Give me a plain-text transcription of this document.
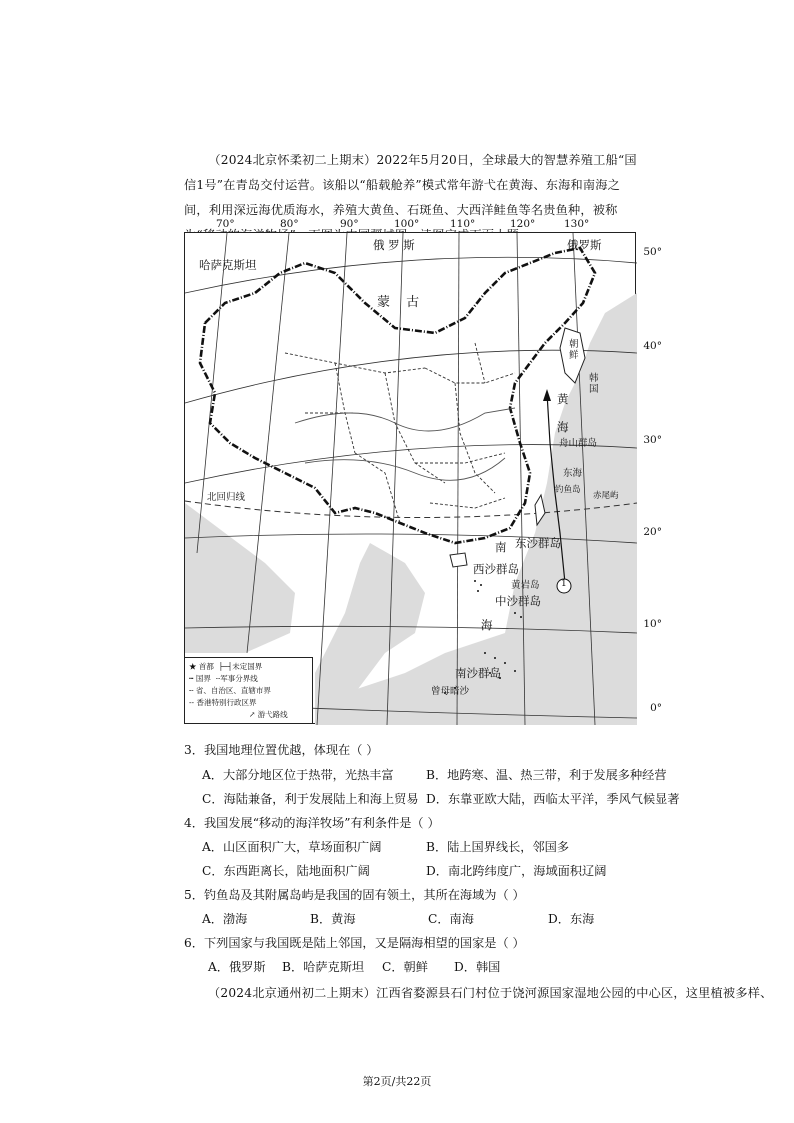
（2024北京怀柔初二上期末）2022年5月20日，全球最大的智慧养殖工船“国信1号”在青岛交付运营。该船以“船载舱养”模式常年游弋在黄海、东海和南海之间，利用深远海优质海水，养殖大黄鱼、石斑鱼、大西洋鲑鱼等名贵鱼种，被称

70°	80°	90°	100°	110°	120°	130°
50°
40°
30°
20°
10°
0°
哈萨克斯坦
俄 罗 斯	俄罗斯
蒙 古
朝鲜
韩国
黄海
舟山群岛
东海
钓鱼岛
赤尾屿
北回归线
南 东沙群岛
西沙群岛
黄岩岛
中沙群岛
海
南沙群岛
曾母暗沙
1
★ 首都 ├─┤未定国界
┅ 国界 ┄军事分界线
╌ 省、自治区、直辖市界
-- 香港特别行政区界
↗ 游弋路线
3．我国地理位置优越，体现在（ ）
A．大部分地区位于热带，光热丰富	B．地跨寒、温、热三带，利于发展多种经营
C．海陆兼备，利于发展陆上和海上贸易 D．东靠亚欧大陆，西临太平洋，季风气候显著
4．我国发展“移动的海洋牧场”有利条件是（ ）
A．山区面积广大，草场面积广阔	B．陆上国界线长，邻国多
C．东西距离长，陆地面积广阔	D．南北跨纬度广，海域面积辽阔
5．钓鱼岛及其附属岛屿是我国的固有领土，其所在海域为（ ）
A．渤海	B．黄海	C．南海	D．东海
6．下列国家与我国既是陆上邻国，又是隔海相望的国家是（ ）
A．俄罗斯 B．哈萨克斯坦 C．朝鲜 D．韩国
（2024北京通州初二上期末）江西省婺源县石门村位于饶河源国家湿地公园的中心区，这里植被多样、
第2页/共22页
